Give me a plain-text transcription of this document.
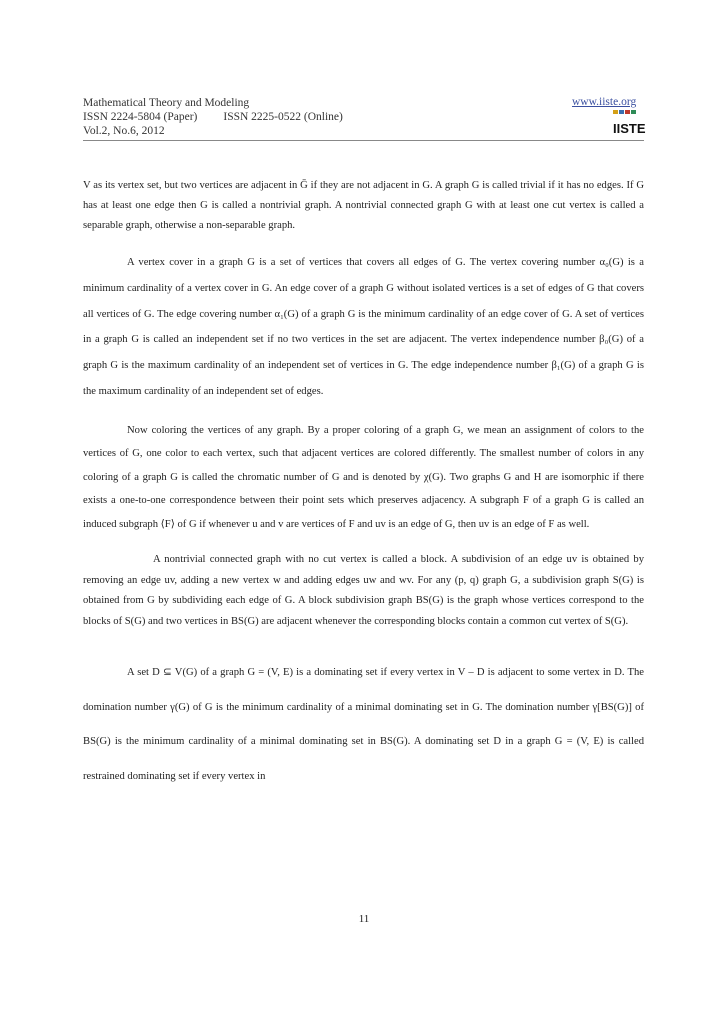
Mathematical Theory and Modeling
ISSN 2224-5804 (Paper) ISSN 2225-0522 (Online)
Vol.2, No.6, 2012
www.iiste.org
IISTE

V as its vertex set, but two vertices are adjacent in Ḡ if they are not adjacent in G. A graph G is called trivial if it has no edges. If G has at least one edge then G is called a nontrivial graph. A nontrivial connected graph G with at least one cut vertex is called a separable graph, otherwise a non-separable graph.

A vertex cover in a graph G is a set of vertices that covers all edges of G. The vertex covering number α₀(G) is a minimum cardinality of a vertex cover in G. An edge cover of a graph G without isolated vertices is a set of edges of G that covers all vertices of G. The edge covering number α₁(G) of a graph G is the minimum cardinality of an edge cover of G. A set of vertices in a graph G is called an independent set if no two vertices in the set are adjacent. The vertex independence number β₀(G) of a graph G is the maximum cardinality of an independent set of vertices in G. The edge independence number β₁(G) of a graph G is the maximum cardinality of an independent set of edges.

Now coloring the vertices of any graph. By a proper coloring of a graph G, we mean an assignment of colors to the vertices of G, one color to each vertex, such that adjacent vertices are colored differently. The smallest number of colors in any coloring of a graph G is called the chromatic number of G and is denoted by χ(G). Two graphs G and H are isomorphic if there exists a one-to-one correspondence between their point sets which preserves adjacency. A subgraph F of a graph G is called an induced subgraph ⟨F⟩ of G if whenever u and v are vertices of F and uv is an edge of G, then uv is an edge of F as well.

A nontrivial connected graph with no cut vertex is called a block. A subdivision of an edge uv is obtained by removing an edge uv, adding a new vertex w and adding edges uw and wv. For any (p, q) graph G, a subdivision graph S(G) is obtained from G by subdividing each edge of G. A block subdivision graph BS(G) is the graph whose vertices correspond to the blocks of S(G) and two vertices in BS(G) are adjacent whenever the corresponding blocks contain a common cut vertex of S(G).

A set D ⊆ V(G) of a graph G = (V, E) is a dominating set if every vertex in V – D is adjacent to some vertex in D. The domination number γ(G) of G is the minimum cardinality of a minimal dominating set in G. The domination number γ[BS(G)] of BS(G) is the minimum cardinality of a minimal dominating set in BS(G). A dominating set D in a graph G = (V, E) is called restrained dominating set if every vertex in

11
